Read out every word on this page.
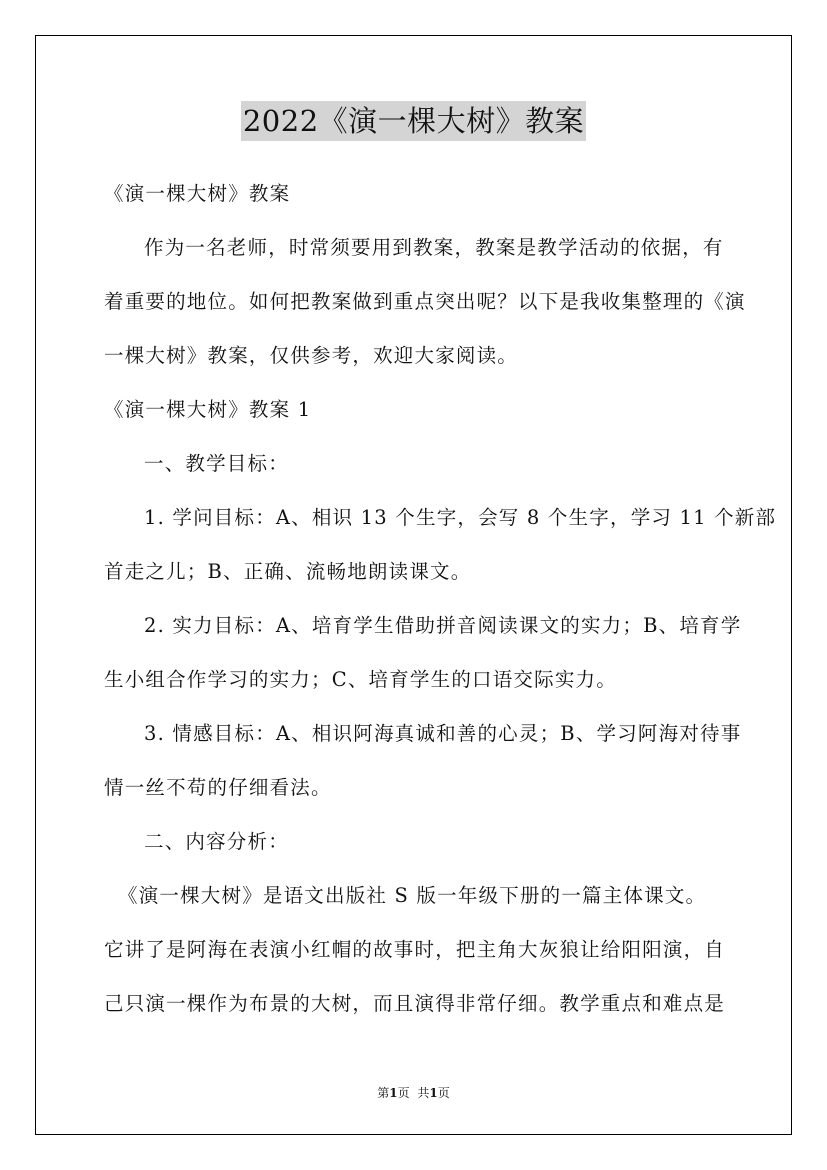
2022《演一棵大树》教案

《演一棵大树》教案

作为一名老师，时常须要用到教案，教案是教学活动的依据，有

着重要的地位。如何把教案做到重点突出呢？以下是我收集整理的《演

一棵大树》教案，仅供参考，欢迎大家阅读。

《演一棵大树》教案 1

一、教学目标：

1. 学问目标：A、相识 13 个生字，会写 8 个生字，学习 11 个新部

首走之儿；B、正确、流畅地朗读课文。

2. 实力目标：A、培育学生借助拼音阅读课文的实力；B、培育学

生小组合作学习的实力；C、培育学生的口语交际实力。

3. 情感目标：A、相识阿海真诚和善的心灵；B、学习阿海对待事

情一丝不苟的仔细看法。

二、内容分析：

《演一棵大树》是语文出版社 S 版一年级下册的一篇主体课文。

它讲了是阿海在表演小红帽的故事时，把主角大灰狼让给阳阳演，自

己只演一棵作为布景的大树，而且演得非常仔细。教学重点和难点是

第1页 共1页
